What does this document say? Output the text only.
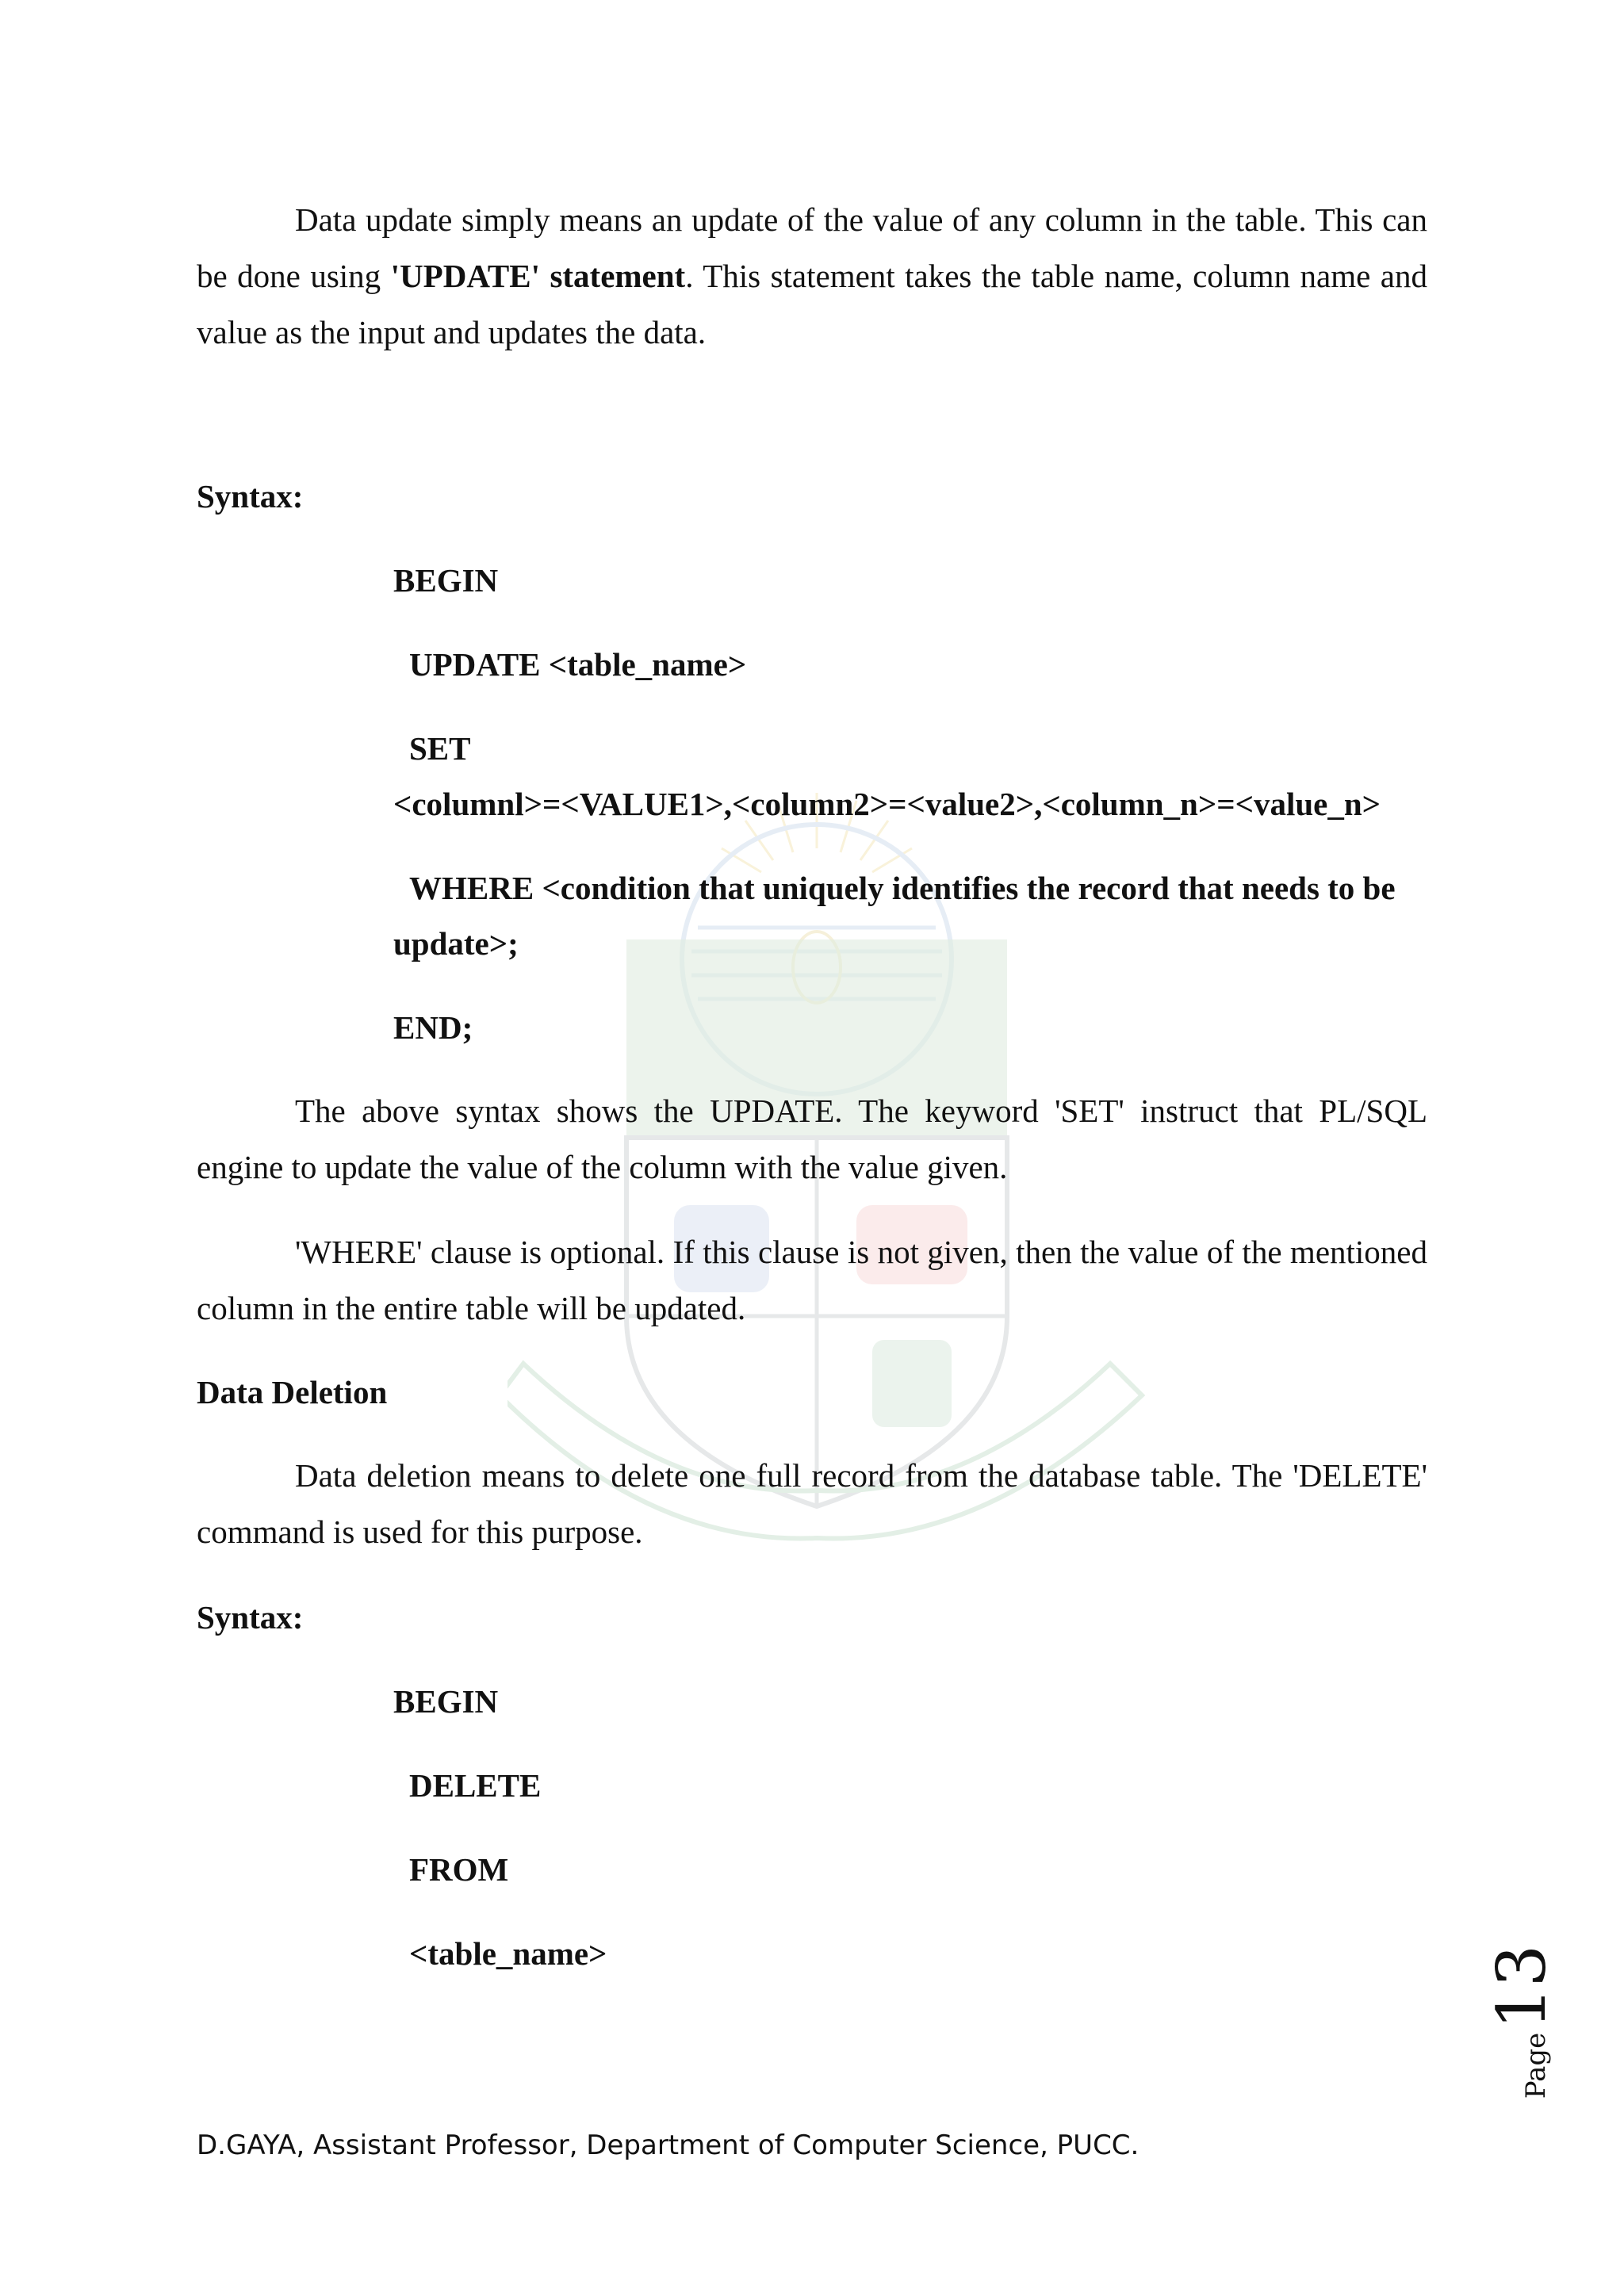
Data update simply means an update of the value of any column in the table. This can be done using 'UPDATE' statement. This statement takes the table name, column name and value as the input and updates the data.

Syntax:

BEGIN

UPDATE <table_name>

SET

<columnl>=<VALUE1>,<column2>=<value2>,<column_n>=<value_n>

WHERE <condition that uniquely identifies the record that needs to be

update>;

END;

The above syntax shows the UPDATE. The keyword 'SET' instruct that PL/SQL engine to update the value of the column with the value given.

'WHERE' clause is optional. If this clause is not given, then the value of the mentioned column in the entire table will be updated.

Data Deletion

Data deletion means to delete one full record from the database table. The 'DELETE' command is used for this purpose.

Syntax:

BEGIN

DELETE

FROM

<table_name>

Page
13
D.GAYA, Assistant Professor, Department of Computer Science, PUCC.
